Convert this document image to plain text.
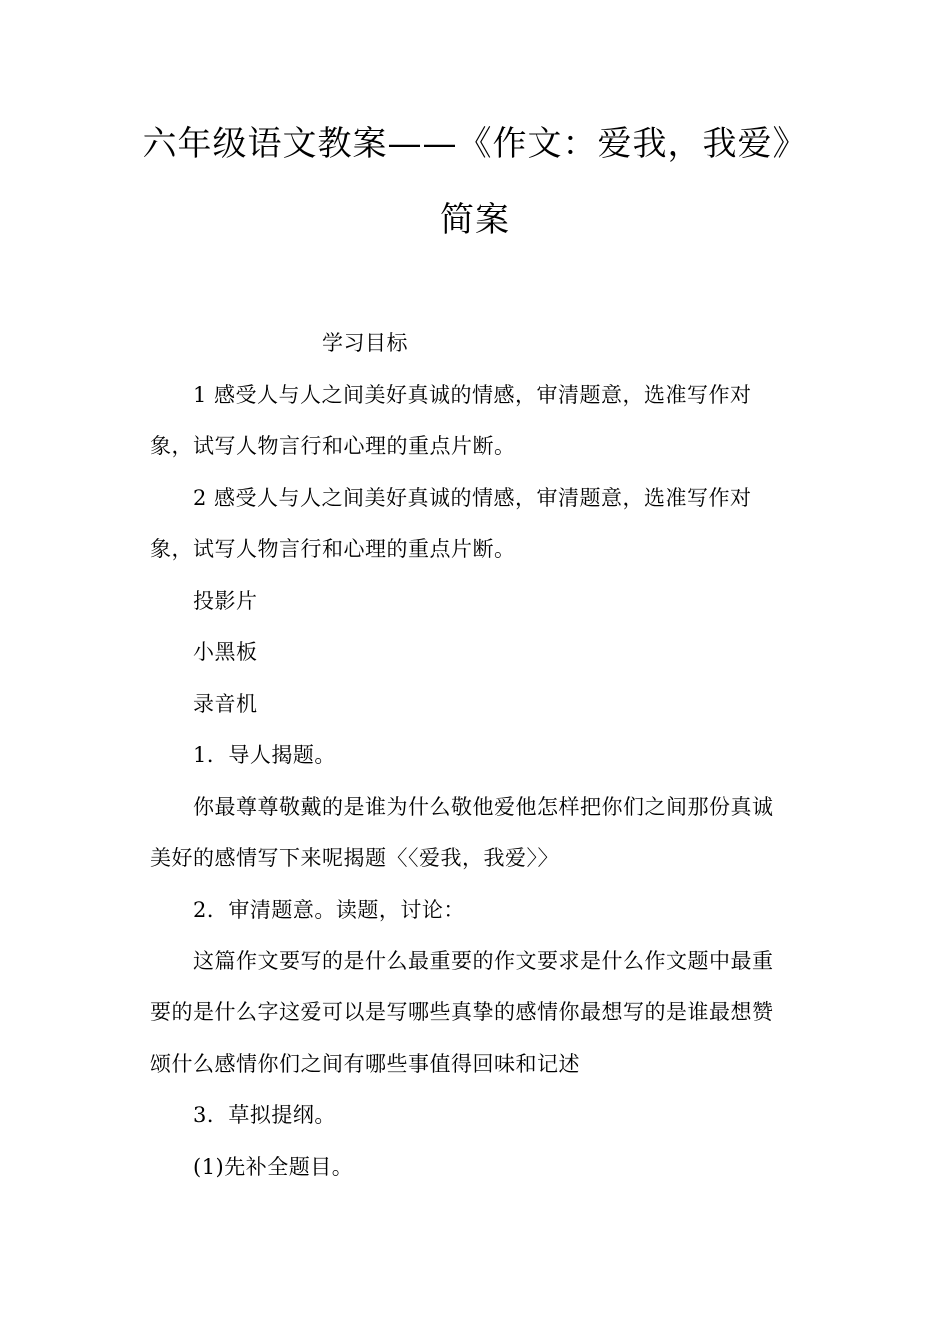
六年级语文教案——《作文：爱我，我爱》
简案
学习目标
1 感受人与人之间美好真诚的情感，审清题意，选准写作对
象，试写人物言行和心理的重点片断。
2 感受人与人之间美好真诚的情感，审清题意，选准写作对
象，试写人物言行和心理的重点片断。
投影片
小黑板
录音机
1．导人揭题。
你最尊尊敬戴的是谁为什么敬他爱他怎样把你们之间那份真诚
美好的感情写下来呢揭题〈〈爱我，我爱〉〉
2．审清题意。读题，讨论：
这篇作文要写的是什么最重要的作文要求是什么作文题中最重
要的是什么字这爱可以是写哪些真挚的感情你最想写的是谁最想赞
颂什么感情你们之间有哪些事值得回味和记述
3．草拟提纲。
(1)先补全题目。
